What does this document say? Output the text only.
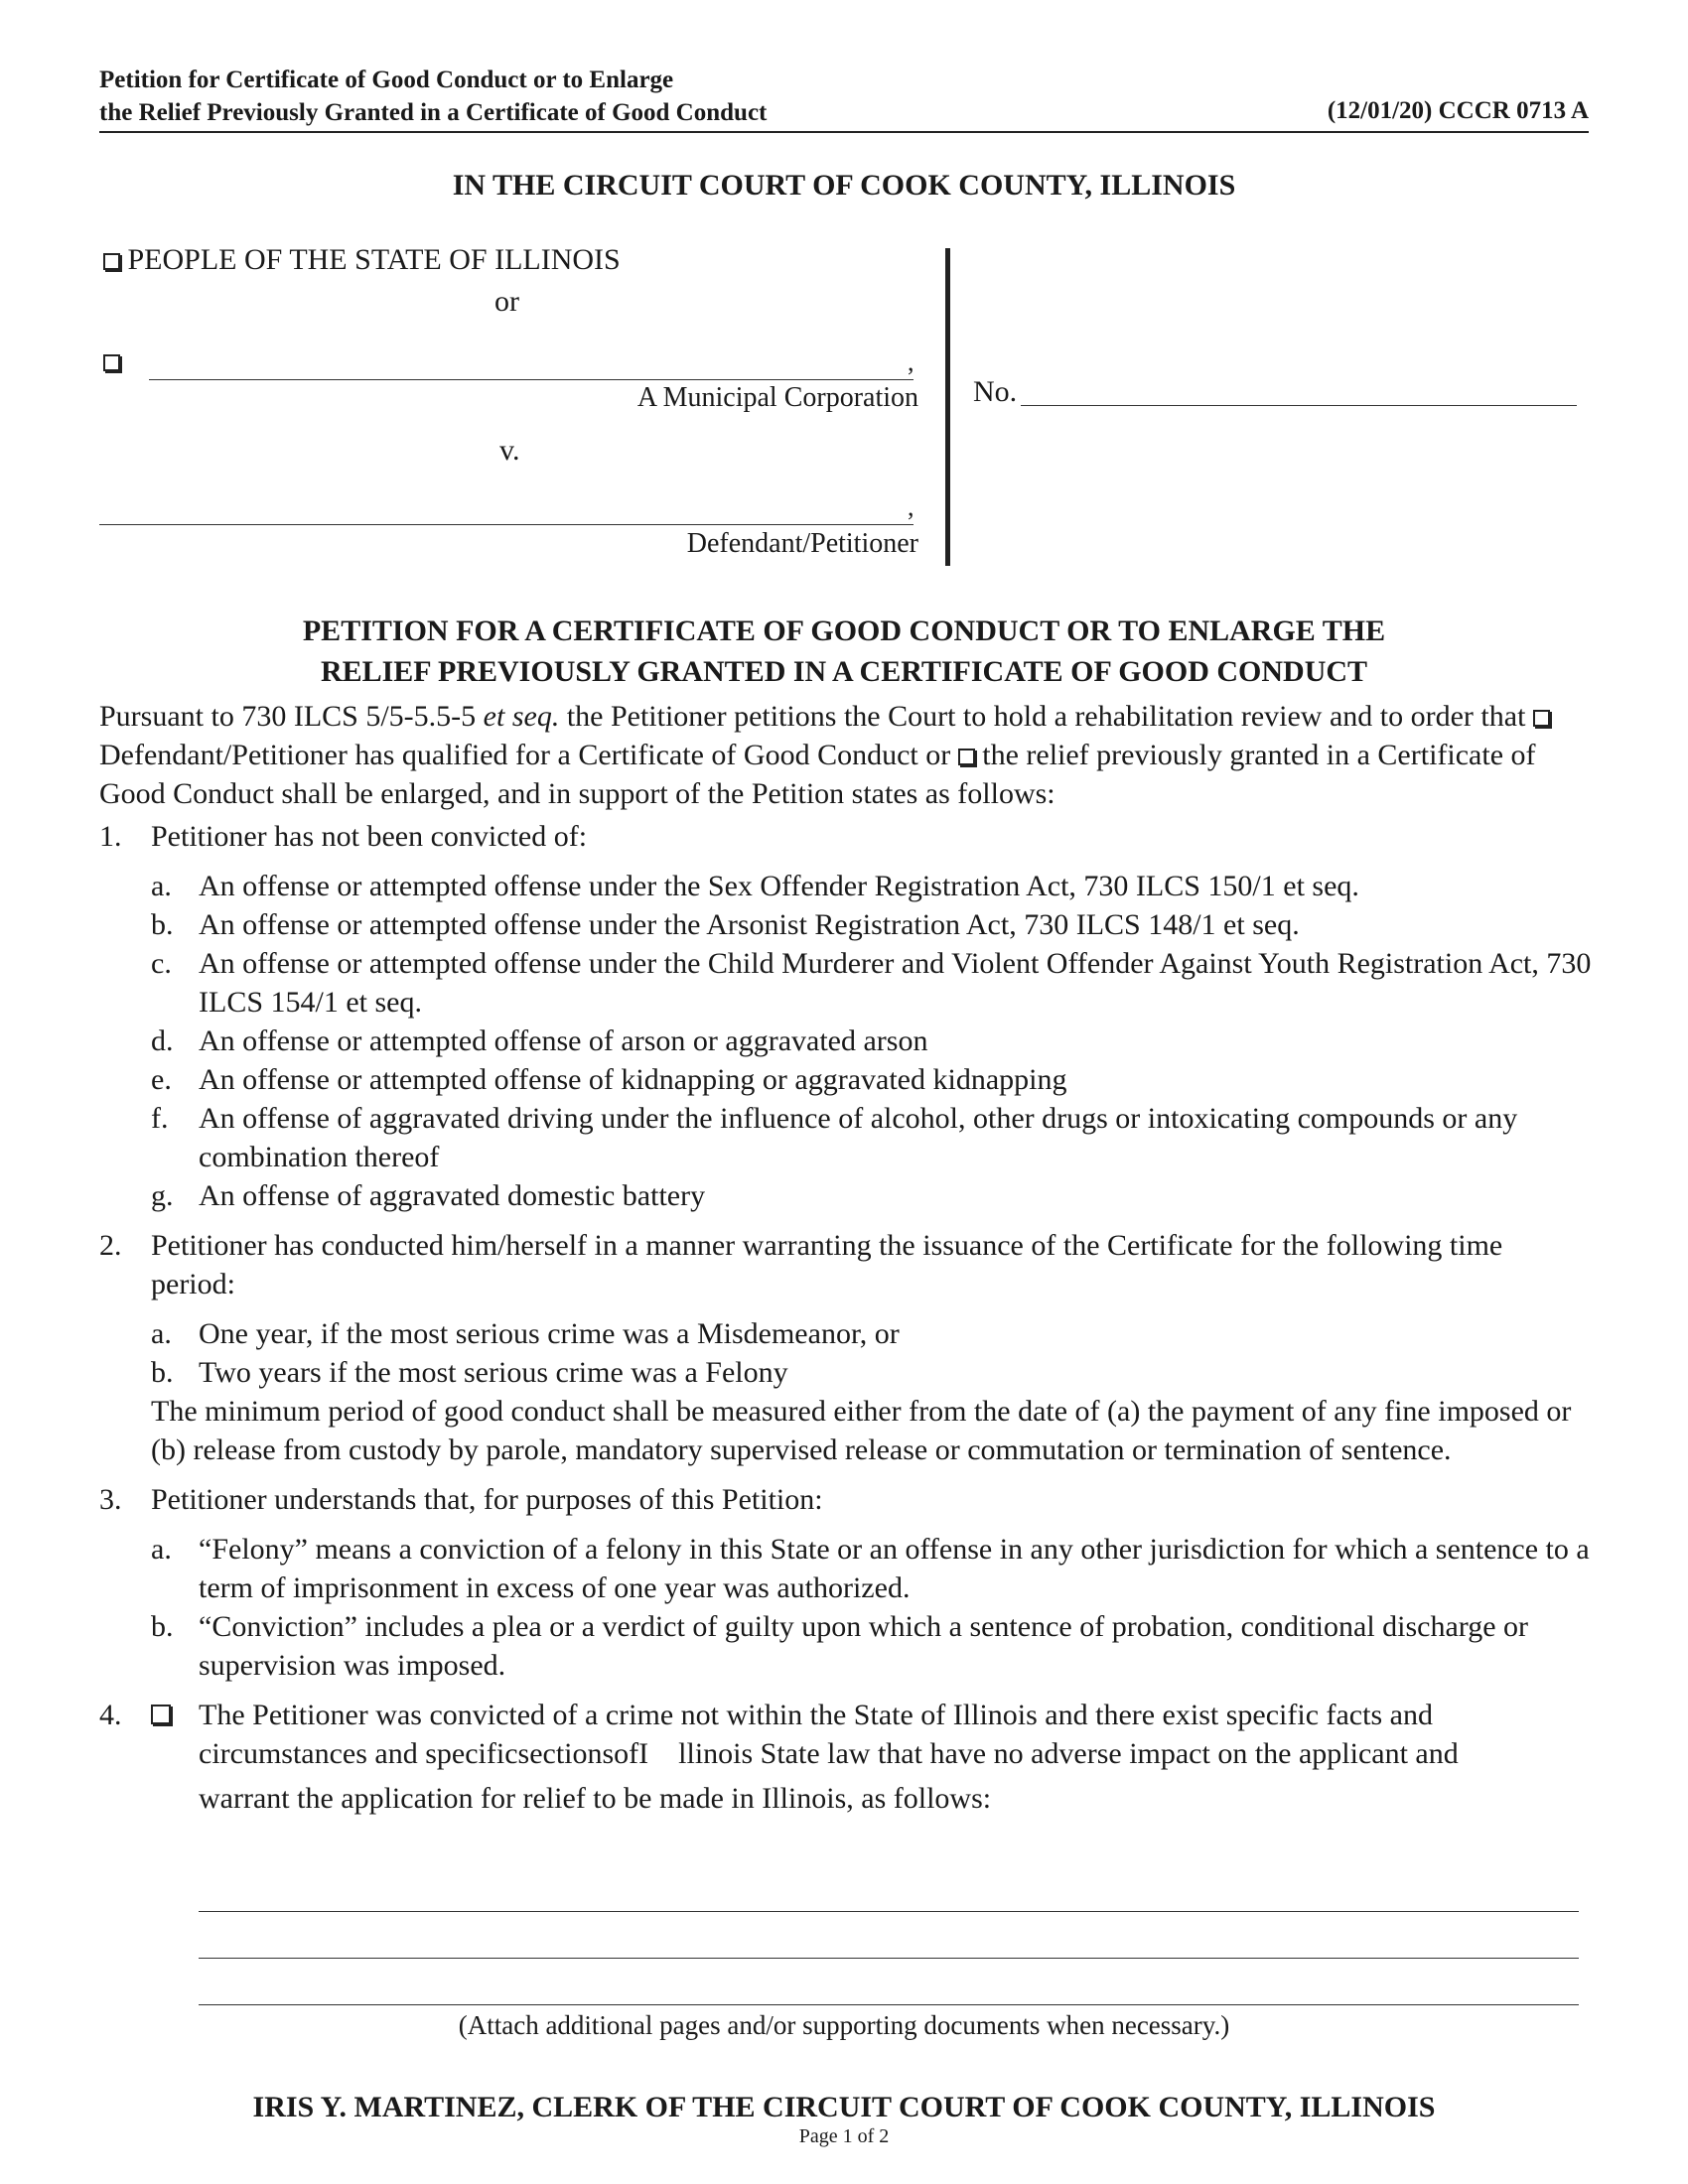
Petition for Certificate of Good Conduct or to Enlarge
the Relief Previously Granted in a Certificate of Good Conduct	(12/01/20) CCCR 0713 A
IN THE CIRCUIT COURT OF COOK COUNTY, ILLINOIS
PEOPLE OF THE STATE OF ILLINOIS
or
,
A Municipal Corporation
v.
,
Defendant/Petitioner
No.
PETITION FOR A CERTIFICATE OF GOOD CONDUCT OR TO ENLARGE THE
RELIEF PREVIOUSLY GRANTED IN A CERTIFICATE OF GOOD CONDUCT

Pursuant to 730 ILCS 5/5-5.5-5 et seq. the Petitioner petitions the Court to hold a rehabilitation review and to order that  Defendant/Petitioner has qualified for a Certificate of Good Conduct or  the relief previously granted in a Certificate of Good Conduct shall be enlarged, and in support of the Petition states as follows:

1. Petitioner has not been convicted of:
a. An offense or attempted offense under the Sex Offender Registration Act, 730 ILCS 150/1 et seq.
b. An offense or attempted offense under the Arsonist Registration Act, 730 ILCS 148/1 et seq.
c. An offense or attempted offense under the Child Murderer and Violent Offender Against Youth Registration Act, 730 ILCS 154/1 et seq.
d. An offense or attempted offense of arson or aggravated arson
e. An offense or attempted offense of kidnapping or aggravated kidnapping
f. An offense of aggravated driving under the influence of alcohol, other drugs or intoxicating compounds or any combination thereof
g. An offense of aggravated domestic battery
2. Petitioner has conducted him/herself in a manner warranting the issuance of the Certificate for the following time period:
a. One year, if the most serious crime was a Misdemeanor, or
b. Two years if the most serious crime was a Felony
The minimum period of good conduct shall be measured either from the date of (a) the payment of any fine imposed or (b) release from custody by parole, mandatory supervised release or commutation or termination of sentence.
3. Petitioner understands that, for purposes of this Petition:
a. “Felony” means a conviction of a felony in this State or an offense in any other jurisdiction for which a sentence to a term of imprisonment in excess of one year was authorized.
b. “Conviction” includes a plea or a verdict of guilty upon which a sentence of probation, conditional discharge or supervision was imposed.
4.	The Petitioner was convicted of a crime not within the State of Illinois and there exist specific facts and
circumstances and specificsectionsofI    llinois State law that have no adverse impact on the applicant and
warrant the application for relief to be made in Illinois, as follows:
(Attach additional pages and/or supporting documents when necessary.)
IRIS Y. MARTINEZ, CLERK OF THE CIRCUIT COURT OF COOK COUNTY, ILLINOIS
Page 1 of 2
